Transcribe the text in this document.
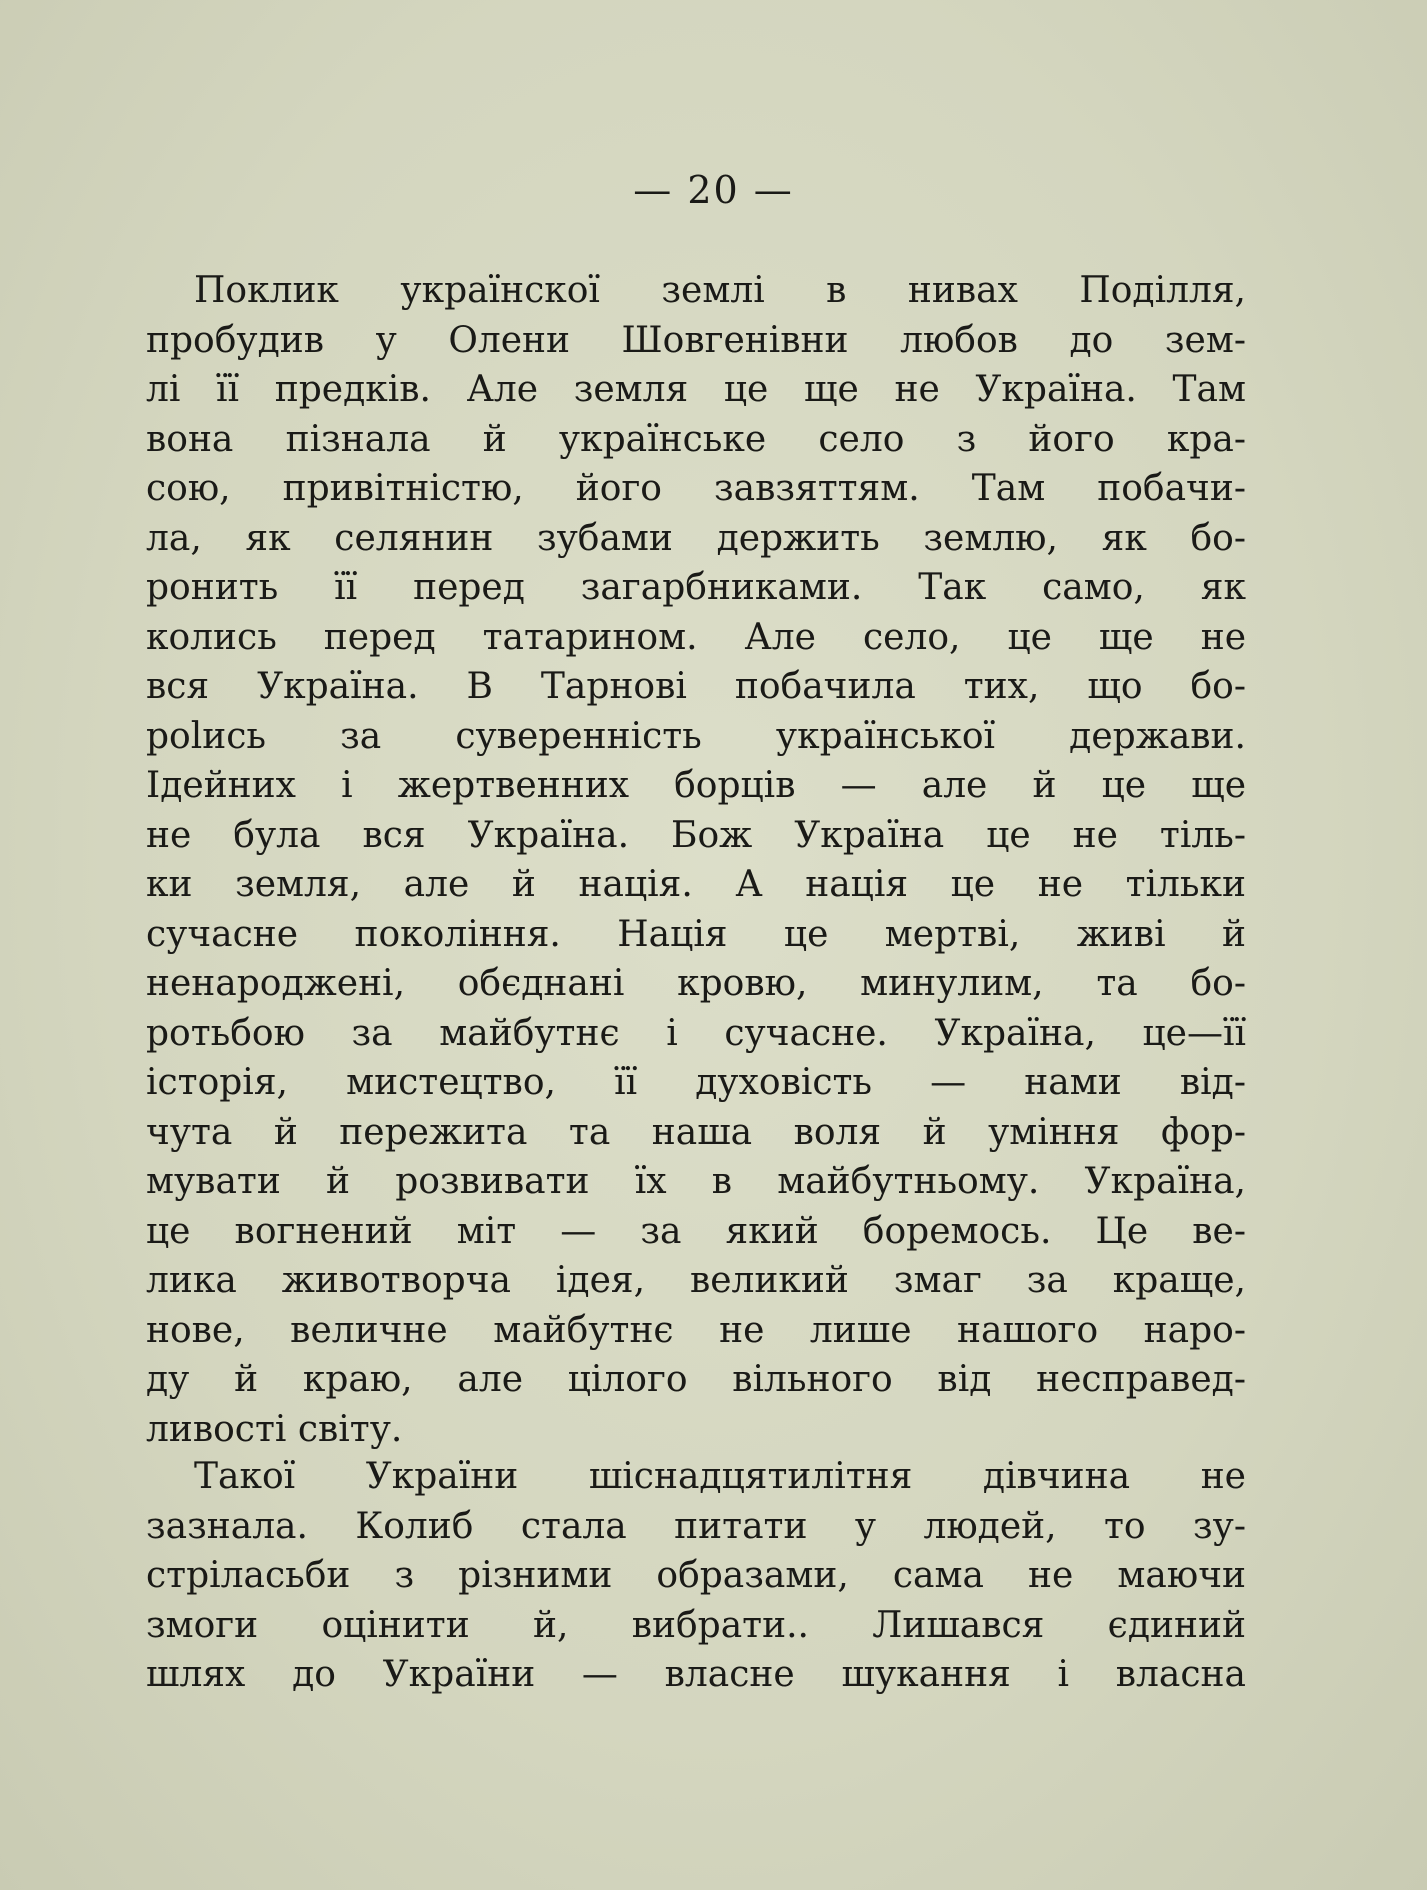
— 20 —
Поклик українскої землі в нивах Поділля,
пробудив у Олени Шовгенівни любов до зем-
лі її предків. Але земля це ще не Україна. Там
вона пізнала й українське село з його кра-
сою, привітністю, його завзяттям. Там побачи-
ла, як селянин зубами держить землю, як бо-
ронить її перед загарбниками. Так само, як
колись перед татарином. Але село, це ще не
вся Україна. В Тарнові побачила тих, що бо-
рolись за суверенність української держави.
Ідейних і жертвенних борців — але й це ще
не була вся Україна. Бож Україна це не тіль-
ки земля, але й нація. А нація це не тільки
сучасне покоління. Нація це мертві, живі й
ненароджені, обєднані кровю, минулим, та бо-
ротьбою за майбутнє і сучасне. Україна, це—її
історія, мистецтво, її духовість — нами від-
чута й пережита та наша воля й уміння фор-
мувати й розвивати їх в майбутньому. Україна,
це вогнений міт — за який боремось. Це ве-
лика животворча ідея, великий змаг за краще,
нове, величне майбутнє не лише нашого наро-
ду й краю, але цілого вільного від несправед-
ливості світу.
Такої України шіснадцятилітня дівчина не
зазнала. Колиб стала питати у людей, то зу-
стріласьби з різними образами, сама не маючи
змоги оцінити й, вибрати.. Лишався єдиний
шлях до України — власне шукання і власна
